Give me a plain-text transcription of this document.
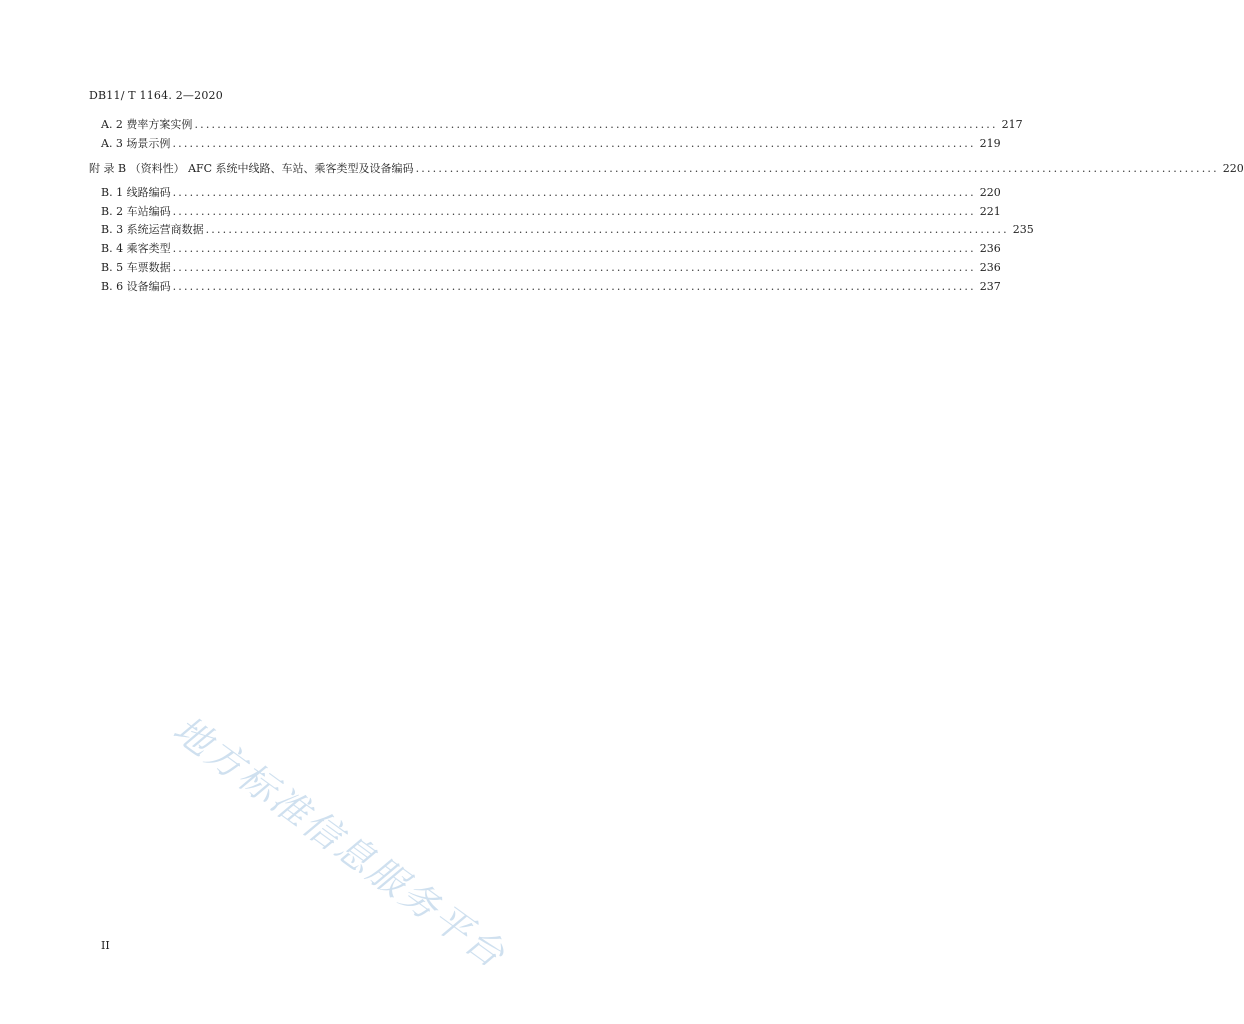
DB11/ T 1164. 2—2020
A. 2 费率方案实例 ............................................................................................................................................. 217
A. 3 场景示例 ............................................................................................................................................. 219
附 录 B （资料性） AFC 系统中线路、车站、乘客类型及设备编码 ............................................................................................................................................. 220
B. 1 线路编码 ............................................................................................................................................. 220
B. 2 车站编码 ............................................................................................................................................. 221
B. 3 系统运营商数据 ............................................................................................................................................. 235
B. 4 乘客类型 ............................................................................................................................................. 236
B. 5 车票数据 ............................................................................................................................................. 236
B. 6 设备编码 ............................................................................................................................................. 237
地方标准信息服务平台
II
